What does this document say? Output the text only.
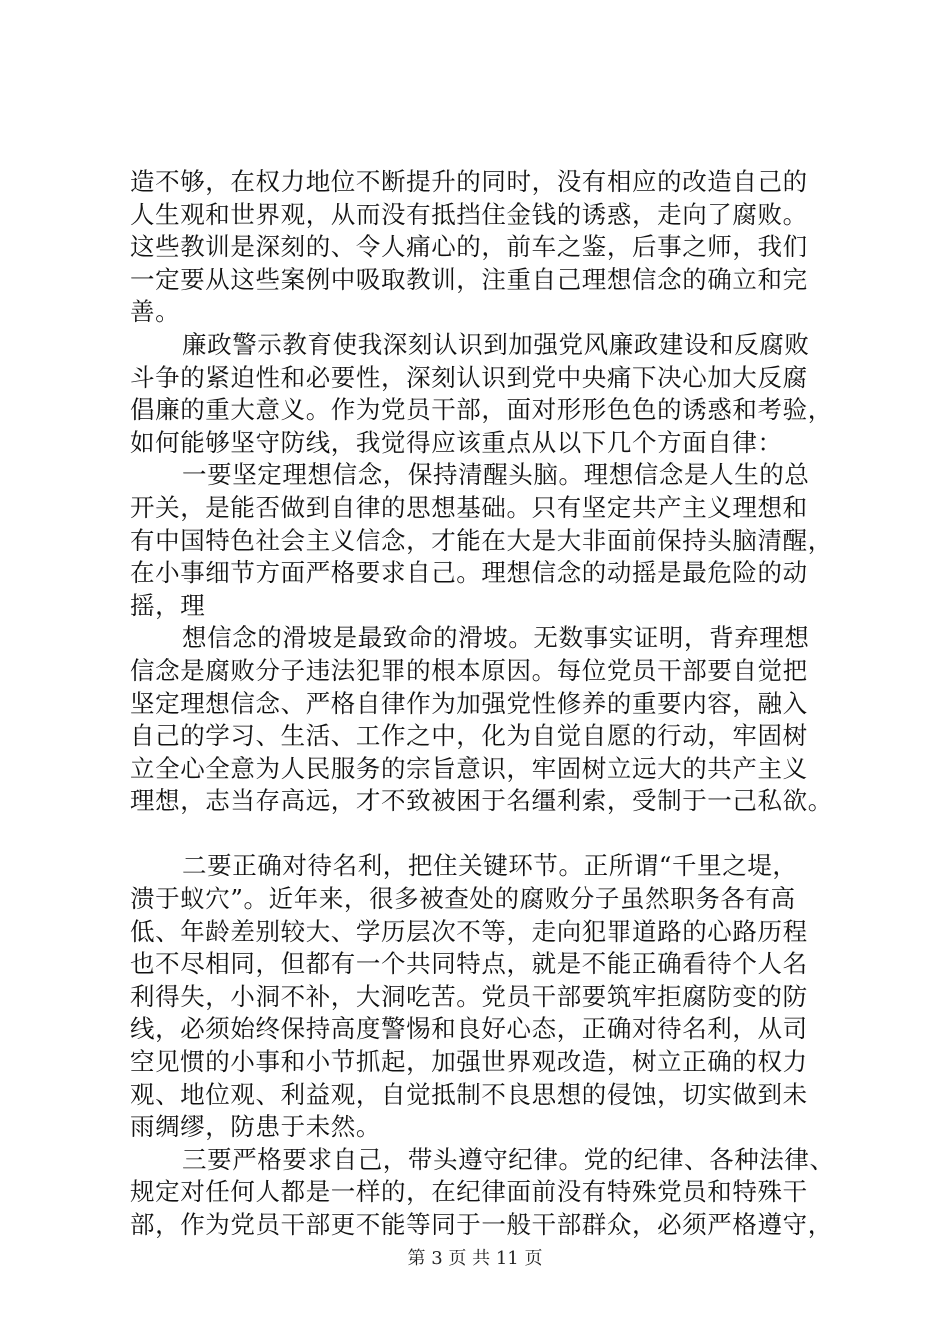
造不够，在权力地位不断提升的同时，没有相应的改造自己的
人生观和世界观，从而没有抵挡住金钱的诱惑，走向了腐败。
这些教训是深刻的、令人痛心的，前车之鉴，后事之师，我们
一定要从这些案例中吸取教训，注重自己理想信念的确立和完
善。
廉政警示教育使我深刻认识到加强党风廉政建设和反腐败
斗争的紧迫性和必要性，深刻认识到党中央痛下决心加大反腐
倡廉的重大意义。作为党员干部，面对形形色色的诱惑和考验，
如何能够坚守防线，我觉得应该重点从以下几个方面自律：
一要坚定理想信念，保持清醒头脑。理想信念是人生的总
开关，是能否做到自律的思想基础。只有坚定共产主义理想和
有中国特色社会主义信念，才能在大是大非面前保持头脑清醒，
在小事细节方面严格要求自己。理想信念的动摇是最危险的动
摇，理
想信念的滑坡是最致命的滑坡。无数事实证明，背弃理想
信念是腐败分子违法犯罪的根本原因。每位党员干部要自觉把
坚定理想信念、严格自律作为加强党性修养的重要内容，融入
自己的学习、生活、工作之中，化为自觉自愿的行动，牢固树
立全心全意为人民服务的宗旨意识，牢固树立远大的共产主义
理想，志当存高远，才不致被困于名缰利索，受制于一己私欲。
二要正确对待名利，把住关键环节。正所谓“千里之堤，
溃于蚁穴”。近年来，很多被查处的腐败分子虽然职务各有高
低、年龄差别较大、学历层次不等，走向犯罪道路的心路历程
也不尽相同，但都有一个共同特点，就是不能正确看待个人名
利得失，小洞不补，大洞吃苦。党员干部要筑牢拒腐防变的防
线，必须始终保持高度警惕和良好心态，正确对待名利，从司
空见惯的小事和小节抓起，加强世界观改造，树立正确的权力
观、地位观、利益观，自觉抵制不良思想的侵蚀，切实做到未
雨绸缪，防患于未然。
三要严格要求自己，带头遵守纪律。党的纪律、各种法律、
规定对任何人都是一样的，在纪律面前没有特殊党员和特殊干
部，作为党员干部更不能等同于一般干部群众，必须严格遵守，
第 3 页 共 11 页
